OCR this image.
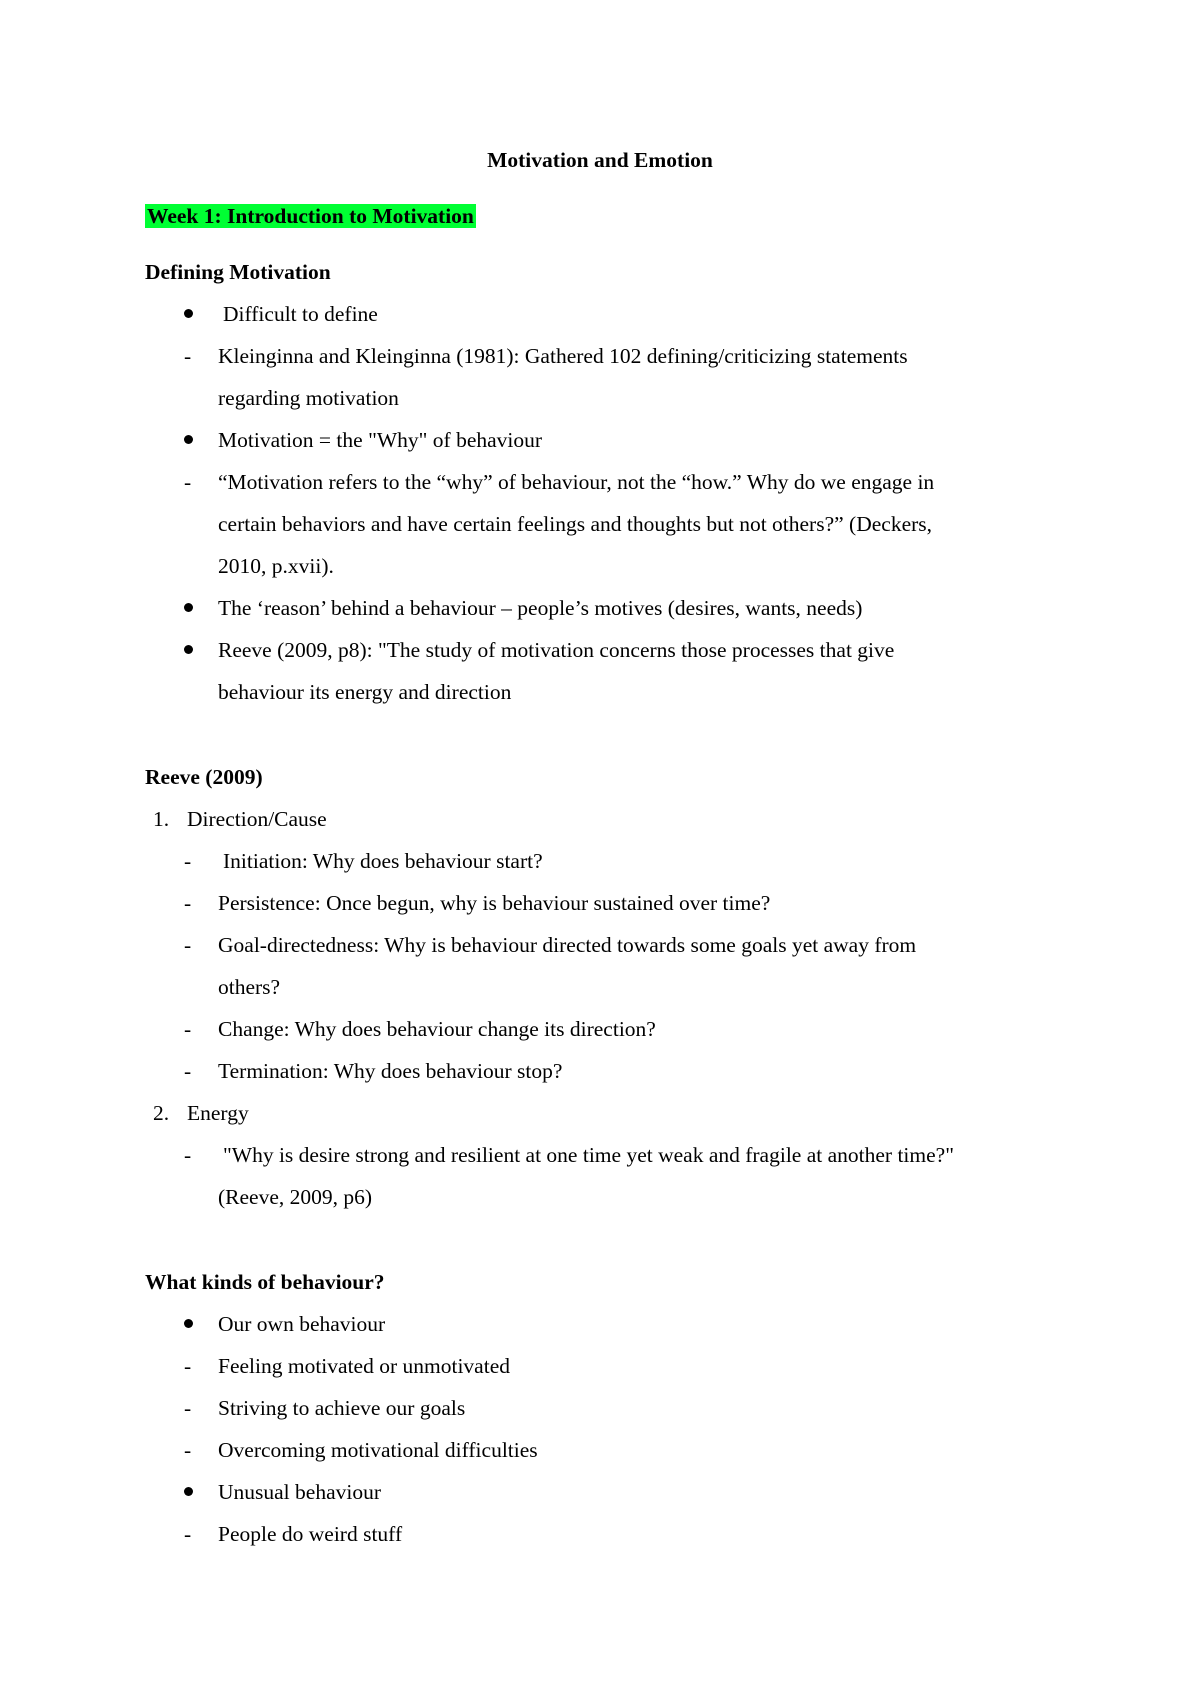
Motivation and Emotion
Week 1: Introduction to Motivation
Defining Motivation
Difficult to define
- Kleinginna and Kleinginna (1981): Gathered 102 defining/criticizing statements
regarding motivation
Motivation = the "Why" of behaviour
- “Motivation refers to the “why” of behaviour, not the “how.” Why do we engage in
certain behaviors and have certain feelings and thoughts but not others?” (Deckers,
2010, p.xvii).
The ‘reason’ behind a behaviour – people’s motives (desires, wants, needs)
Reeve (2009, p8): "The study of motivation concerns those processes that give
behaviour its energy and direction
Reeve (2009)
1. Direction/Cause
- Initiation: Why does behaviour start?
- Persistence: Once begun, why is behaviour sustained over time?
- Goal-directedness: Why is behaviour directed towards some goals yet away from
others?
- Change: Why does behaviour change its direction?
- Termination: Why does behaviour stop?
2. Energy
- "Why is desire strong and resilient at one time yet weak and fragile at another time?"
(Reeve, 2009, p6)
What kinds of behaviour?
Our own behaviour
- Feeling motivated or unmotivated
- Striving to achieve our goals
- Overcoming motivational difficulties
Unusual behaviour
- People do weird stuff
